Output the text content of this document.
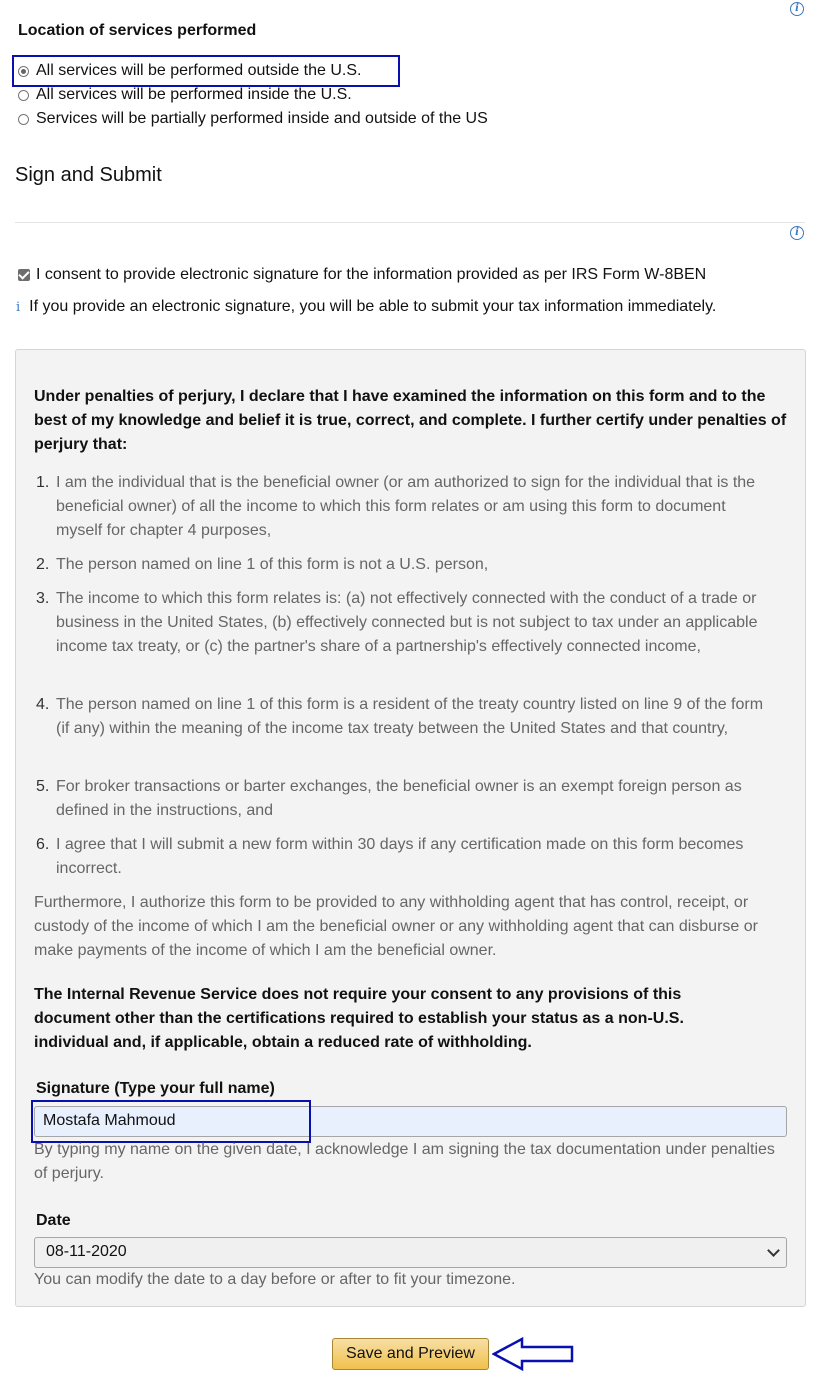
i
i
Location of services performed
All services will be performed outside the U.S.
All services will be performed inside the U.S.
Services will be partially performed inside and outside of the US
Sign and Submit
I consent to provide electronic signature for the information provided as per IRS Form W-8BEN
i If you provide an electronic signature, you will be able to submit your tax information immediately.
Under penalties of perjury, I declare that I have examined the information on this form and to the best of my knowledge and belief it is true, correct, and complete. I further certify under penalties of perjury that:
1. I am the individual that is the beneficial owner (or am authorized to sign for the individual that is the beneficial owner) of all the income to which this form relates or am using this form to document myself for chapter 4 purposes,
2. The person named on line 1 of this form is not a U.S. person,
3. The income to which this form relates is: (a) not effectively connected with the conduct of a trade or business in the United States, (b) effectively connected but is not subject to tax under an applicable income tax treaty, or (c) the partner's share of a partnership's effectively connected income,
4. The person named on line 1 of this form is a resident of the treaty country listed on line 9 of the form (if any) within the meaning of the income tax treaty between the United States and that country,
5. For broker transactions or barter exchanges, the beneficial owner is an exempt foreign person as defined in the instructions, and
6. I agree that I will submit a new form within 30 days if any certification made on this form becomes incorrect.
Furthermore, I authorize this form to be provided to any withholding agent that has control, receipt, or custody of the income of which I am the beneficial owner or any withholding agent that can disburse or make payments of the income of which I am the beneficial owner.
The Internal Revenue Service does not require your consent to any provisions of this document other than the certifications required to establish your status as a non-U.S. individual and, if applicable, obtain a reduced rate of withholding.
Signature (Type your full name)
Mostafa Mahmoud
By typing my name on the given date, I acknowledge I am signing the tax documentation under penalties of perjury.
Date
08-11-2020
You can modify the date to a day before or after to fit your timezone.
Save and Preview
